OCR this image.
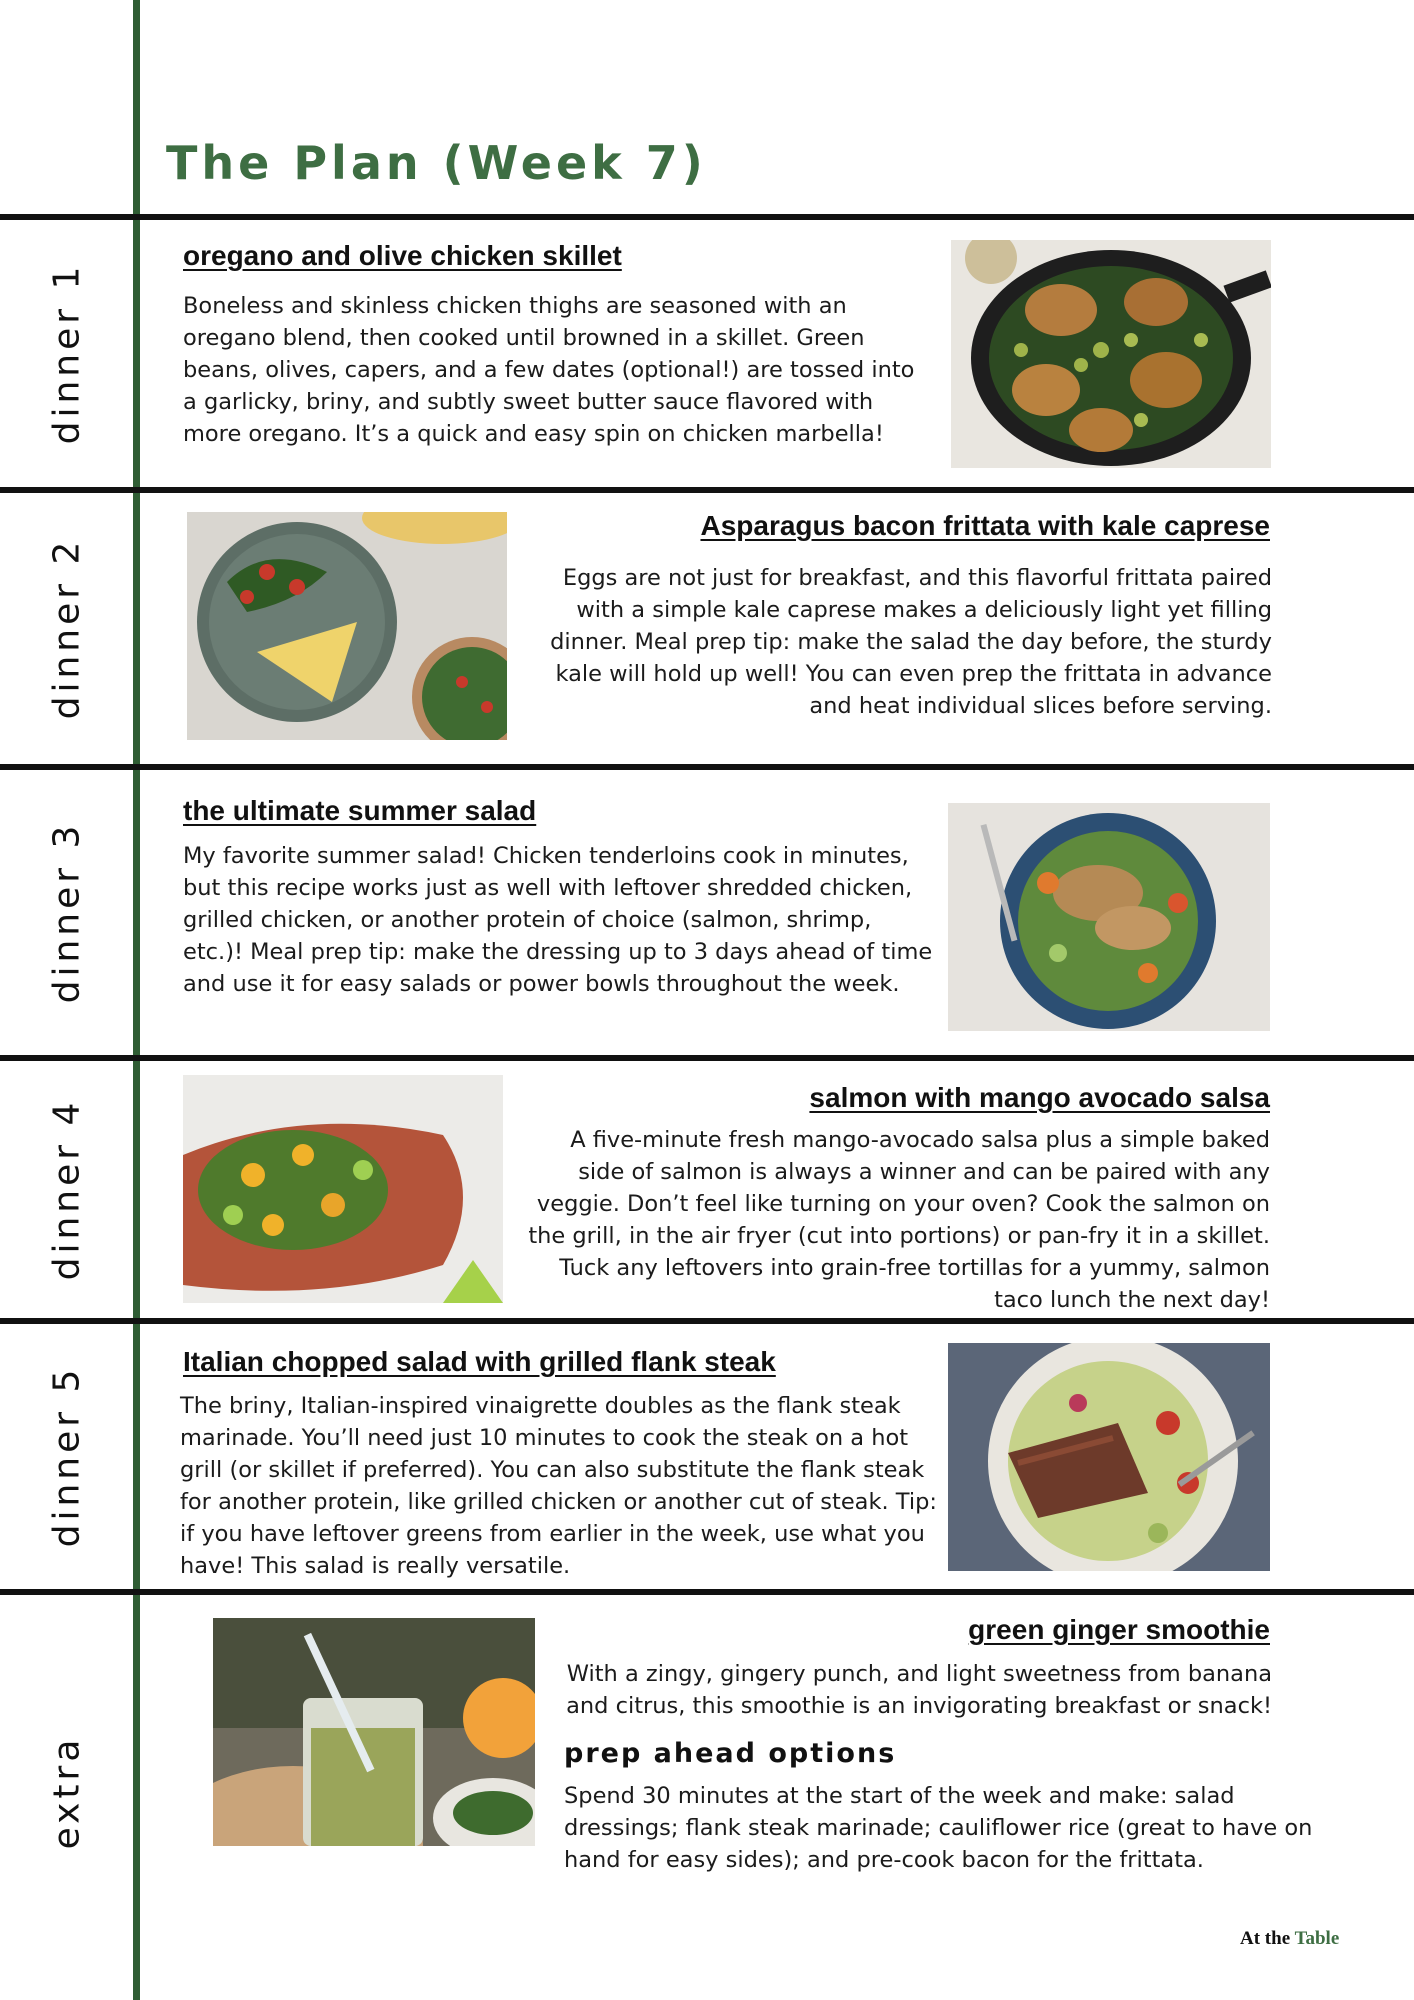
The Plan (Week 7)
dinner 1
oregano and olive chicken skillet

Boneless and skinless chicken thighs are seasoned with an oregano blend, then cooked until browned in a skillet. Green beans, olives, capers, and a few dates (optional!) are tossed into a garlicky, briny, and subtly sweet butter sauce flavored with more oregano. It’s a quick and easy spin on chicken marbella!

dinner 2
Asparagus bacon frittata with kale caprese

Eggs are not just for breakfast, and this flavorful frittata paired with a simple kale caprese makes a deliciously light yet filling dinner. Meal prep tip: make the salad the day before, the sturdy kale will hold up well! You can even prep the frittata in advance and heat individual slices before serving.

dinner 3
the ultimate summer salad

My favorite summer salad! Chicken tenderloins cook in minutes, but this recipe works just as well with leftover shredded chicken, grilled chicken, or another protein of choice (salmon, shrimp, etc.)! Meal prep tip: make the dressing up to 3 days ahead of time and use it for easy salads or power bowls throughout the week.

dinner 4
salmon with mango avocado salsa

A five-minute fresh mango-avocado salsa plus a simple baked side of salmon is always a winner and can be paired with any veggie. Don’t feel like turning on your oven? Cook the salmon on the grill, in the air fryer (cut into portions) or pan-fry it in a skillet. Tuck any leftovers into grain-free tortillas for a yummy, salmon taco lunch the next day!

dinner 5
Italian chopped salad with grilled flank steak

The briny, Italian-inspired vinaigrette doubles as the flank steak marinade. You’ll need just 10 minutes to cook the steak on a hot grill (or skillet if preferred). You can also substitute the flank steak for another protein, like grilled chicken or another cut of steak. Tip: if you have leftover greens from earlier in the week, use what you have! This salad is really versatile.

extra
green ginger smoothie

With a zingy, gingery punch, and light sweetness from banana and citrus, this smoothie is an invigorating breakfast or snack!

prep ahead options

Spend 30 minutes at the start of the week and make: salad dressings; flank steak marinade; cauliflower rice (great to have on hand for easy sides); and pre-cook bacon for the frittata.

At the Table
